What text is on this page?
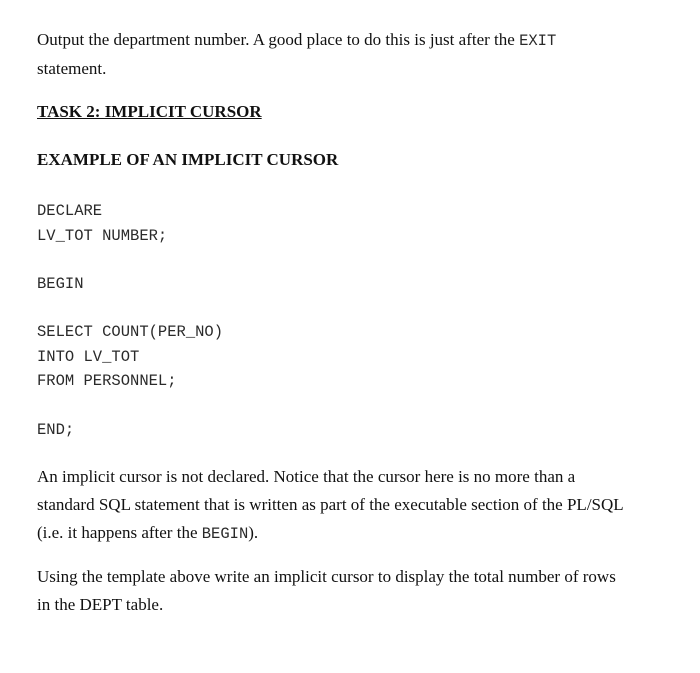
Output the department number. A good place to do this is just after the EXIT
statement.
TASK 2: IMPLICIT CURSOR
EXAMPLE OF AN IMPLICIT CURSOR
DECLARE
LV_TOT NUMBER;
BEGIN
SELECT COUNT(PER_NO)
INTO LV_TOT
FROM PERSONNEL;
END;
An implicit cursor is not declared. Notice that the cursor here is no more than a
standard SQL statement that is written as part of the executable section of the PL/SQL
(i.e. it happens after the BEGIN).
Using the template above write an implicit cursor to display the total number of rows
in the DEPT table.
